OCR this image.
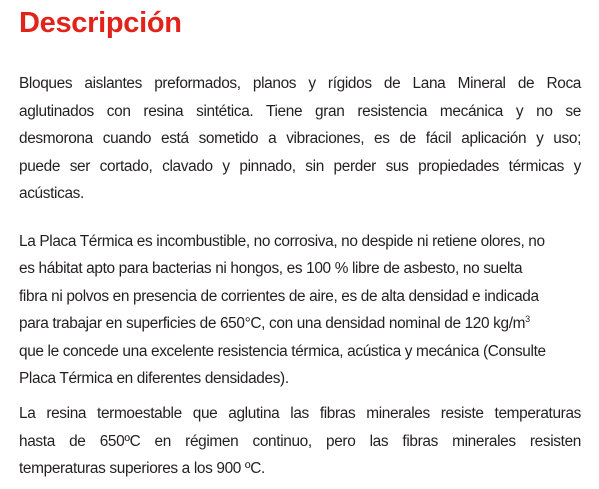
Descripción

Bloques aislantes preformados, planos y rígidos de Lana Mineral de Roca
aglutinados con resina sintética. Tiene gran resistencia mecánica y no se
desmorona cuando está sometido a vibraciones, es de fácil aplicación y uso;
puede ser cortado, clavado y pinnado, sin perder sus propiedades térmicas y
acústicas.

La Placa Térmica es incombustible, no corrosiva, no despide ni retiene olores, no
es hábitat apto para bacterias ni hongos, es 100 % libre de asbesto, no suelta
fibra ni polvos en presencia de corrientes de aire, es de alta densidad e indicada
para trabajar en superficies de 650°C, con una densidad nominal de 120 $kg/m^3$
que le concede una excelente resistencia térmica, acústica y mecánica (Consulte
Placa Térmica en diferentes densidades).

La resina termoestable que aglutina las fibras minerales resiste temperaturas
hasta de 650ºC en régimen continuo, pero las fibras minerales resisten
temperaturas superiores a los 900 ºC.
